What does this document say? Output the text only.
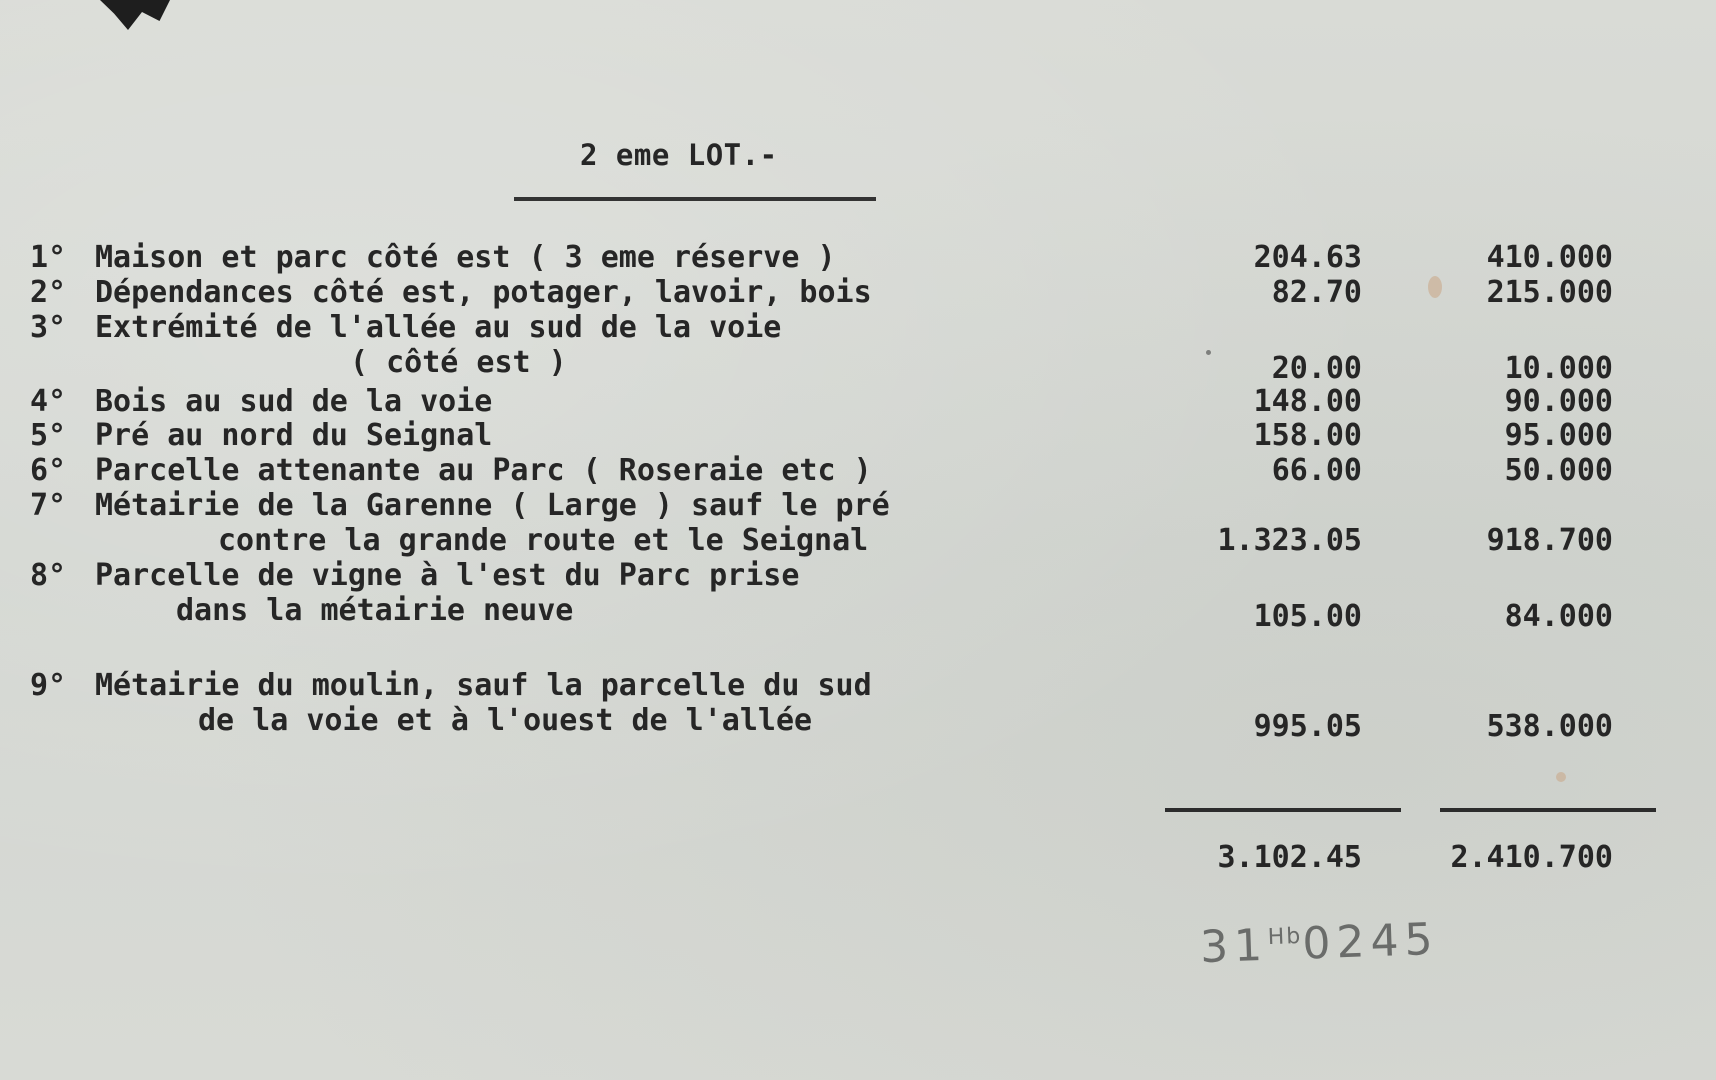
2 eme LOT.-
1° Maison et parc côté est ( 3 eme réserve )	204.63	410.000
2° Dépendances côté est, potager, lavoir, bois	82.70	215.000
3° Extrémité de l'allée au sud de la voie
( côté est )	20.00	10.000
4° Bois au sud de la voie	148.00	90.000
5° Pré au nord du Seignal	158.00	95.000
6° Parcelle attenante au Parc ( Roseraie etc )	66.00	50.000
7° Métairie de la Garenne ( Large ) sauf le pré
contre la grande route et le Seignal	1.323.05	918.700
8° Parcelle de vigne à l'est du Parc prise
dans la métairie neuve	105.00	84.000
9° Métairie du moulin, sauf la parcelle du sud
de la voie et à l'ouest de l'allée	995.05	538.000
3.102.45	2.410.700
$31^{Hb}0245$
